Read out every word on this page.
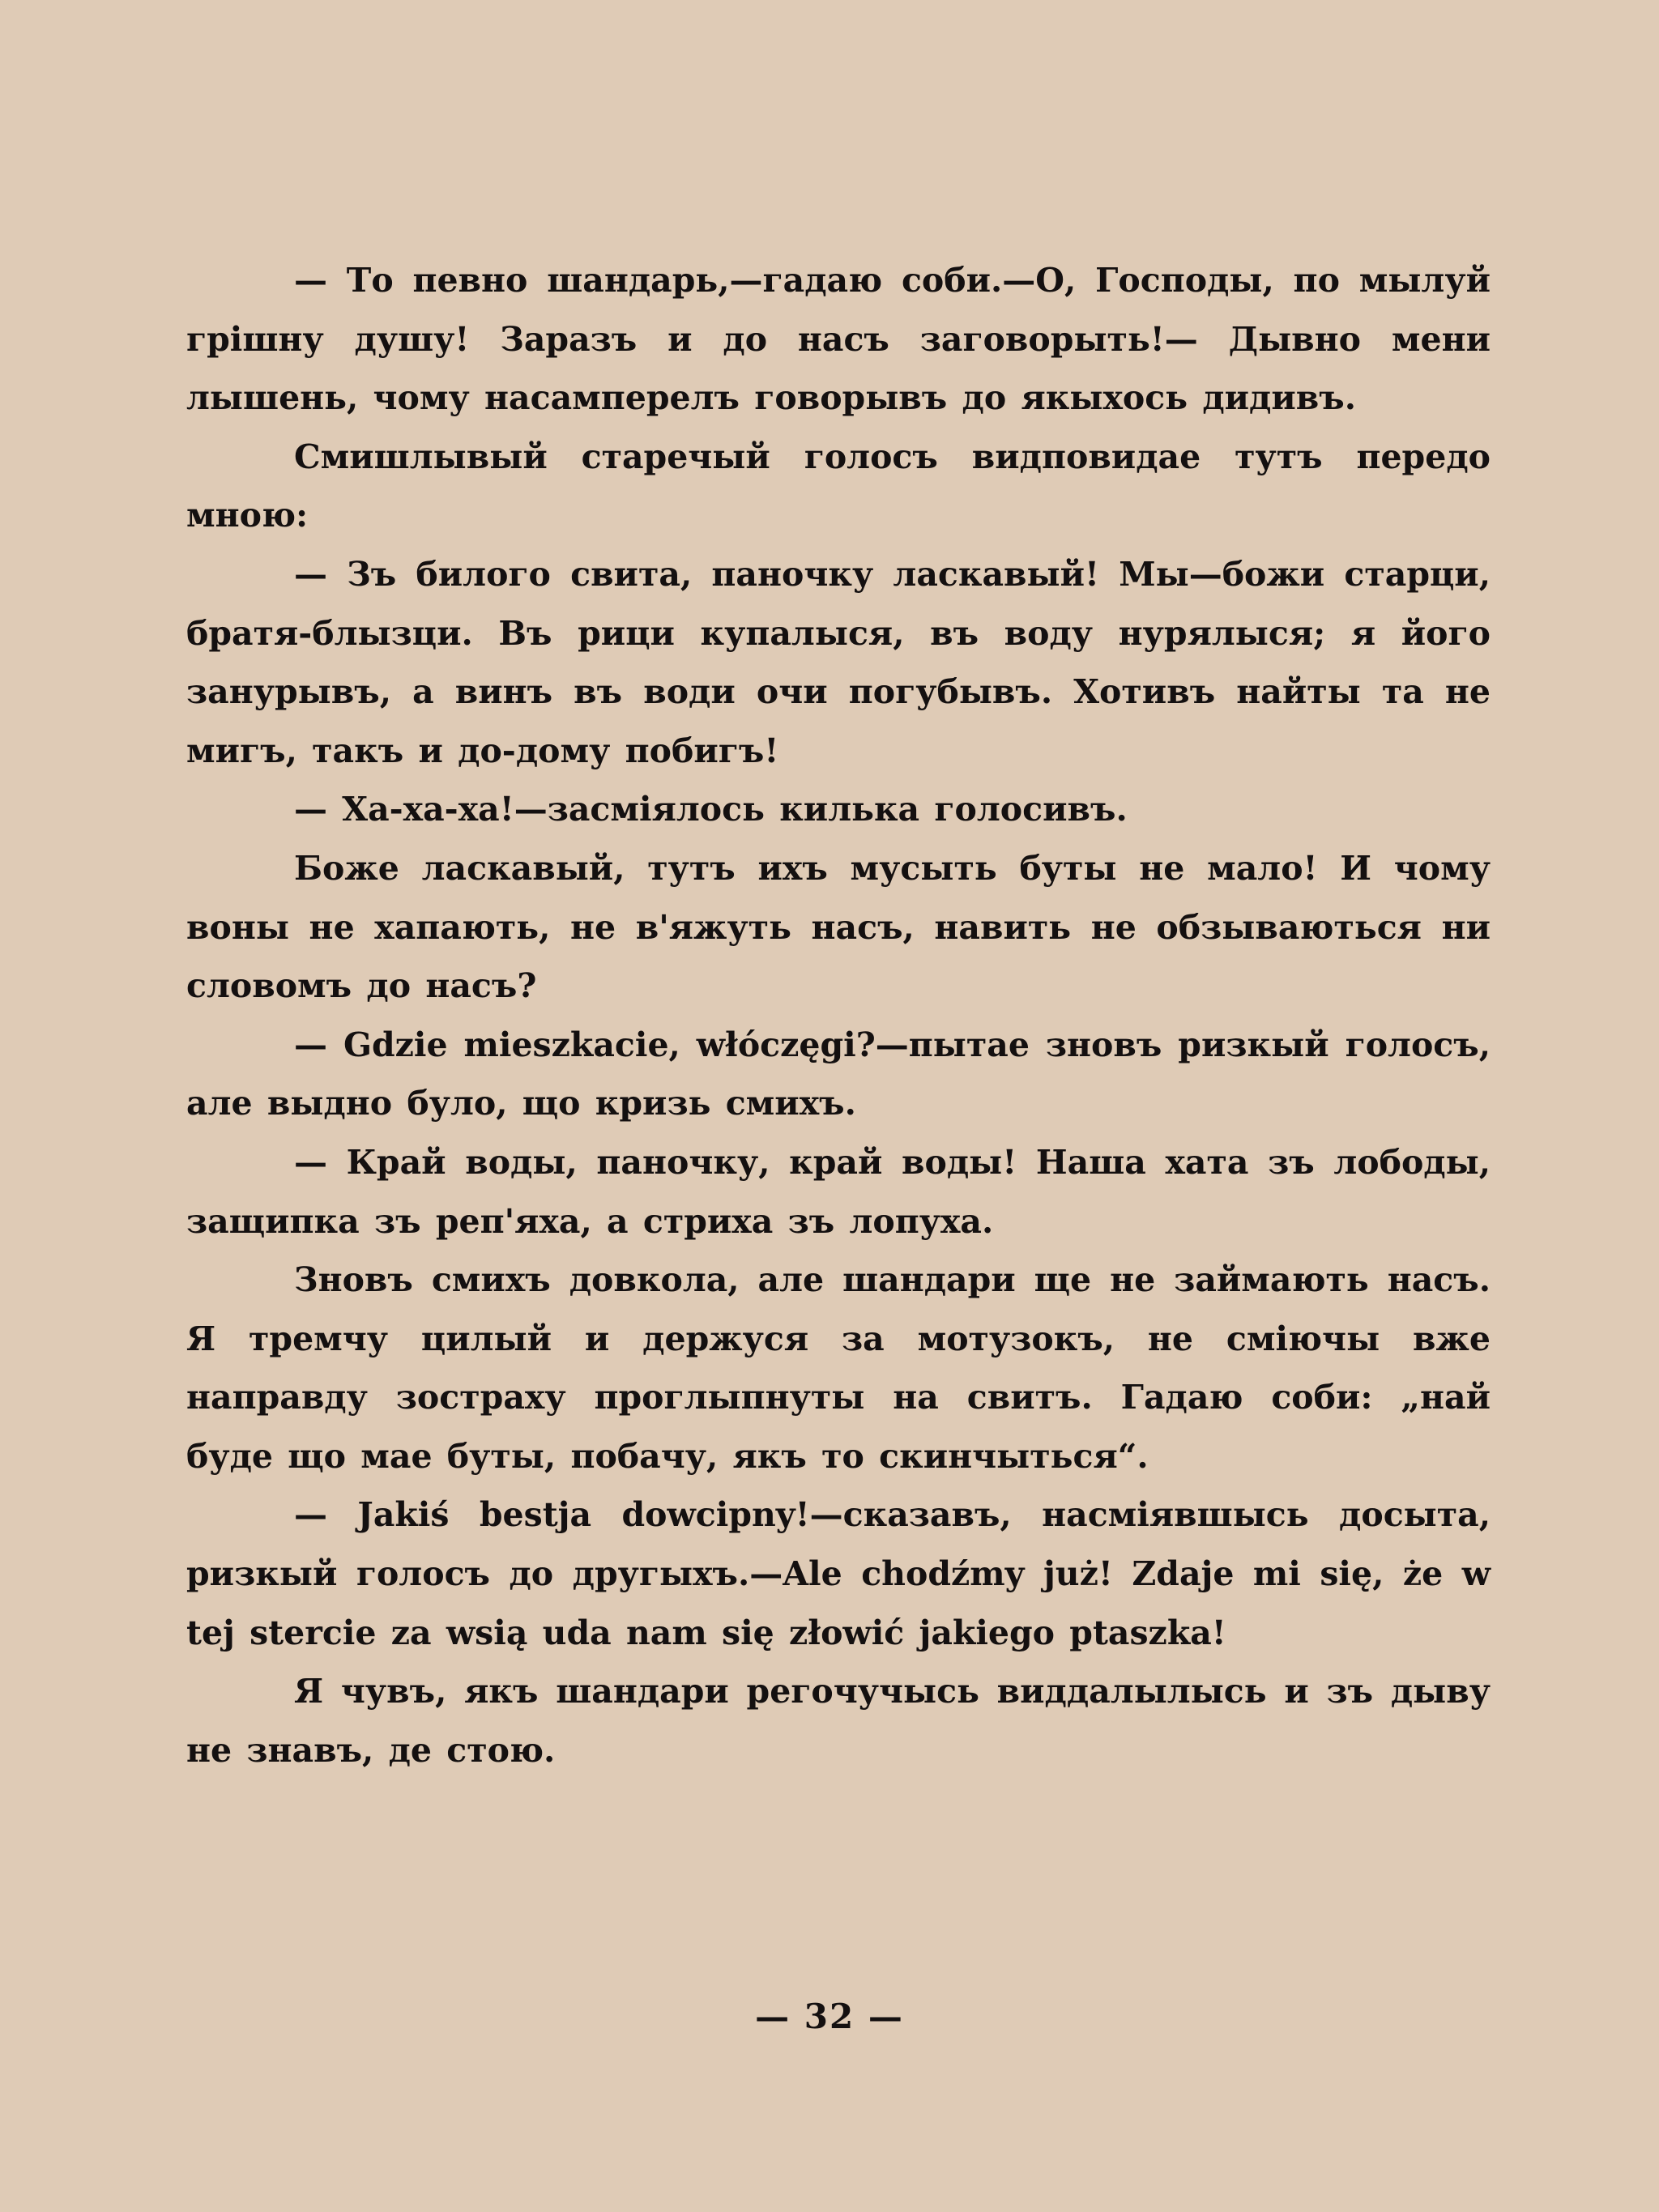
— То певно шандарь,—гадаю соби.—О, Господы, по мылуй грішну душу! Заразъ и до насъ заговорыть!— Дывно мени лышень, чому насамперелъ говорывъ до якыхось дидивъ.

Смишлывый старечый голосъ видповидае тутъ передо мною:

— Зъ билого свита, паночку ласкавый! Мы—божи старци, братя-блызци. Въ рици купалыся, въ воду нурялыся; я його занурывъ, а винъ въ води очи погубывъ. Хотивъ найты та не мигъ, такъ и до-дому побигъ!

— Ха-ха-ха!—засміялось килька голосивъ.

Боже ласкавый, тутъ ихъ мусыть буты не мало! И чому воны не хапають, не в'яжуть насъ, навить не обзываються ни словомъ до насъ?

— Gdzie mieszkacie, włóczęgi?—пытае зновъ ризкый голосъ, але выдно було, що кризь смихъ.

— Край воды, паночку, край воды! Наша хата зъ лободы, защипка зъ реп'яха, а стриха зъ лопуха.

Зновъ смихъ довкола, але шандари ще не займають насъ. Я тремчу цилый и держуся за мотузокъ, не сміючы вже направду зостраху проглыпнуты на свитъ. Гадаю соби: „най буде що мае буты, побачу, якъ то скинчыться“.

— Jakiś bestja dowcipny!—сказавъ, насміявшысь досыта, ризкый голосъ до другыхъ.—Ale chodźmy już! Zdaje mi się, że w tej stercie za wsią uda nam się złowić jakiego ptaszka!

Я чувъ, якъ шандари регочучысь виддалылысь и зъ дыву не знавъ, де стою.

— 32 —
